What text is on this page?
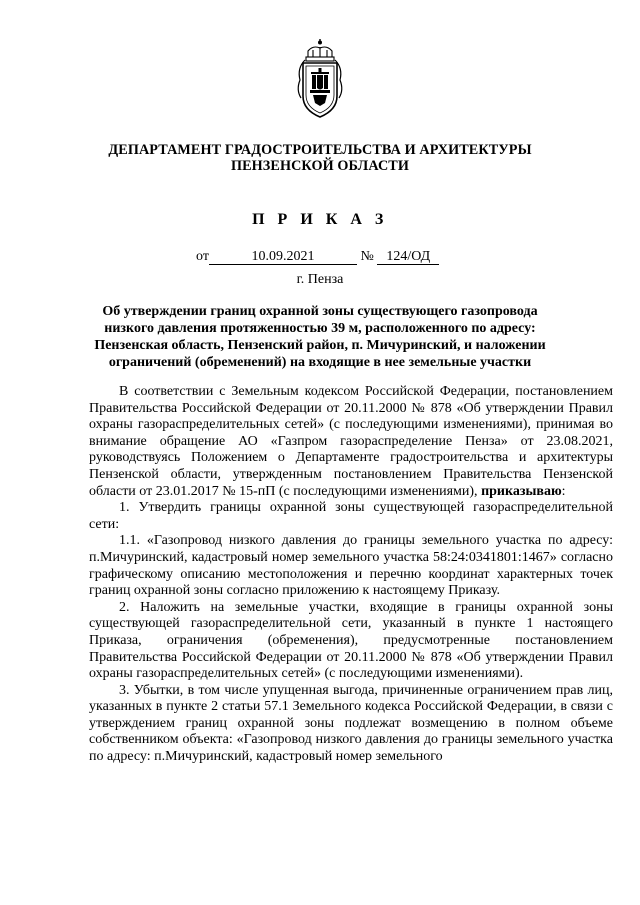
ДЕПАРТАМЕНТ ГРАДОСТРОИТЕЛЬСТВА И АРХИТЕКТУРЫ
ПЕНЗЕНСКОЙ ОБЛАСТИ
П Р И К А З
от	10.09.2021	№ 124/ОД
г. Пенза
Об утверждении границ охранной зоны существующего газопровода низкого давления протяженностью 39 м, расположенного по адресу: Пензенская область, Пензенский район, п. Мичуринский, и наложении ограничений (обременений) на входящие в нее земельные участки

В соответствии с Земельным кодексом Российской Федерации, постановлением Правительства Российской Федерации от 20.11.2000 № 878 «Об утверждении Правил охраны газораспределительных сетей» (с последующими изменениями), принимая во внимание обращение АО «Газпром газораспределение Пенза» от 23.08.2021, руководствуясь Положением о Департаменте градостроительства и архитектуры Пензенской области, утвержденным постановлением Правительства Пензенской области от 23.01.2017 № 15-пП (с последующими изменениями), приказываю:

1. Утвердить границы охранной зоны существующей газораспределительной сети:

1.1. «Газопровод низкого давления до границы земельного участка по адресу: п.Мичуринский, кадастровый номер земельного участка 58:24:0341801:1467» согласно графическому описанию местоположения и перечню координат характерных точек границ охранной зоны согласно приложению к настоящему Приказу.

2. Наложить на земельные участки, входящие в границы охранной зоны существующей газораспределительной сети, указанный в пункте 1 настоящего Приказа, ограничения (обременения), предусмотренные постановлением Правительства Российской Федерации от 20.11.2000 № 878 «Об утверждении Правил охраны газораспределительных сетей» (с последующими изменениями).

3. Убытки, в том числе упущенная выгода, причиненные ограничением прав лиц, указанных в пункте 2 статьи 57.1 Земельного кодекса Российской Федерации, в связи с утверждением границ охранной зоны подлежат возмещению в полном объеме собственником объекта: «Газопровод низкого давления до границы земельного участка по адресу: п.Мичуринский, кадастровый номер земельного
